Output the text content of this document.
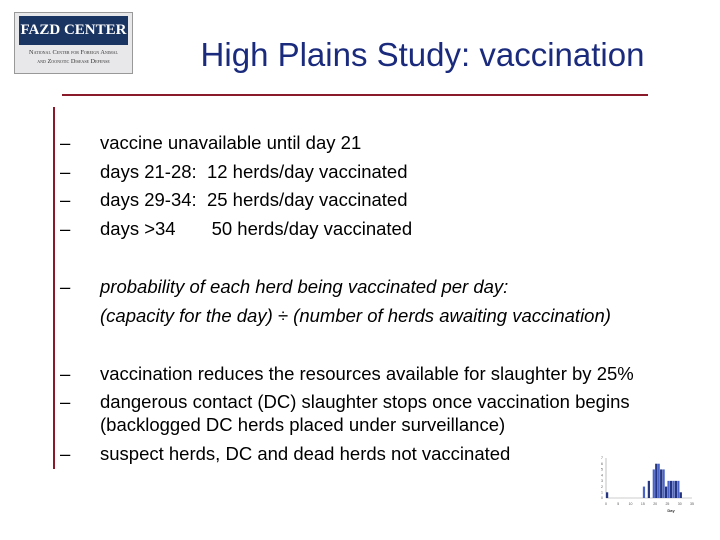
FAZD CENTER
National Center for Foreign Animal
and Zoonotic Disease Defense	High Plains Study: vaccination
– vaccine unavailable until day 21
– days 21-28:  12 herds/day vaccinated
– days 29-34:  25 herds/day vaccinated
– days >34       50 herds/day vaccinated
– probability of each herd being vaccinated per day:
(capacity for the day) ÷ (number of herds awaiting vaccination)
– vaccination reduces the resources available for slaughter by 25%
– dangerous contact (DC) slaughter stops once vaccination begins
(backlogged DC herds placed under surveillance)
– suspect herds, DC and dead herds not vaccinated
0	5	10 15 20 25 30 35
0
1
2
3
4
5
6
7
Day
